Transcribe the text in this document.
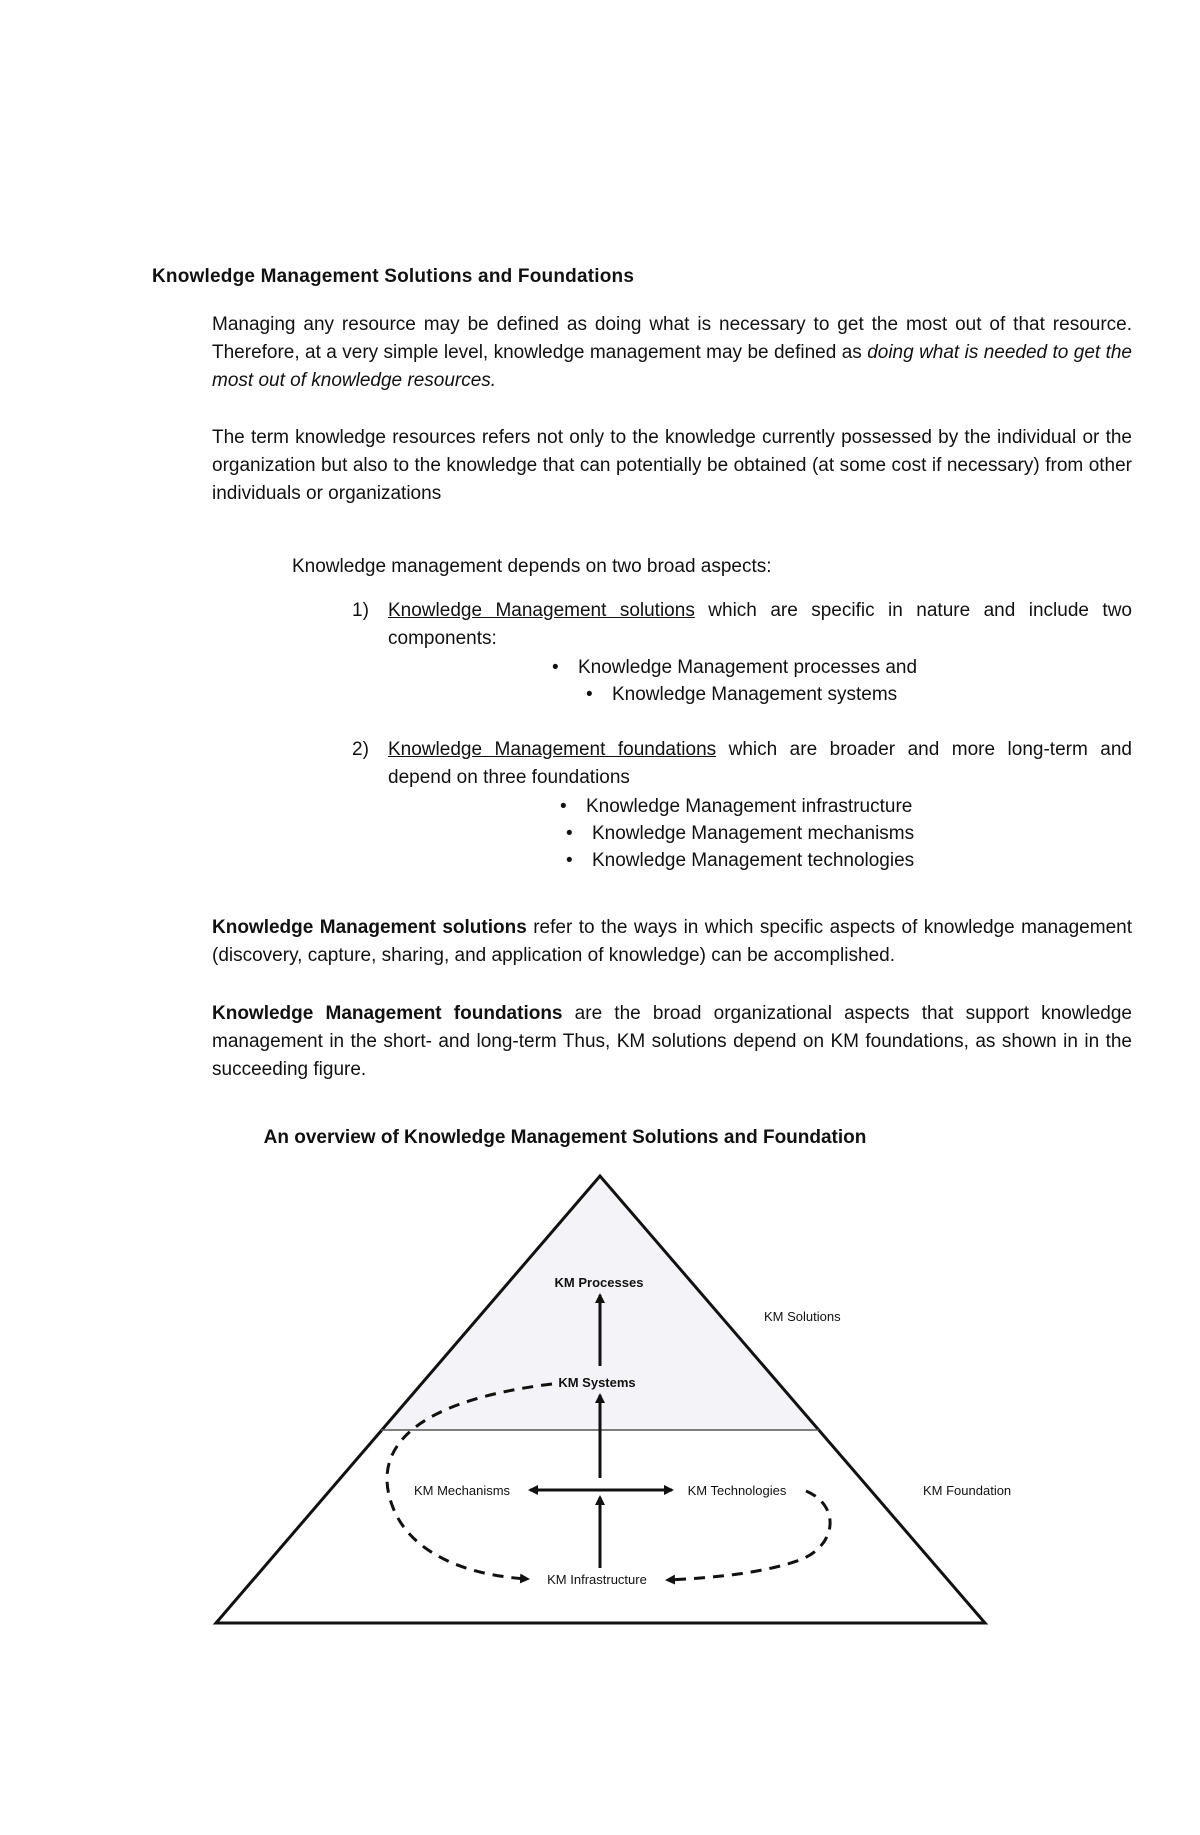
Knowledge Management Solutions and Foundations
Managing any resource may be defined as doing what is necessary to get the most out of that resource. Therefore, at a very simple level, knowledge management may be defined as doing what is needed to get the most out of knowledge resources.
The term knowledge resources refers not only to the knowledge currently possessed by the individual or the organization but also to the knowledge that can potentially be obtained (at some cost if necessary) from other individuals or organizations
Knowledge management depends on two broad aspects:
1) Knowledge Management solutions which are specific in nature and include two components:
• Knowledge Management processes and
• Knowledge Management systems
2) Knowledge Management foundations which are broader and more long-term and depend on three foundations
• Knowledge Management infrastructure
• Knowledge Management mechanisms
• Knowledge Management technologies
Knowledge Management solutions refer to the ways in which specific aspects of knowledge management (discovery, capture, sharing, and application of knowledge) can be accomplished.
Knowledge Management foundations are the broad organizational aspects that support knowledge management in the short- and long-term Thus, KM solutions depend on KM foundations, as shown in in the succeeding figure.
An overview of Knowledge Management Solutions and Foundation
KM Processes
KM Systems
KM Mechanisms	KM Technologies
KM Infrastructure
KM Solutions
KM Foundation
